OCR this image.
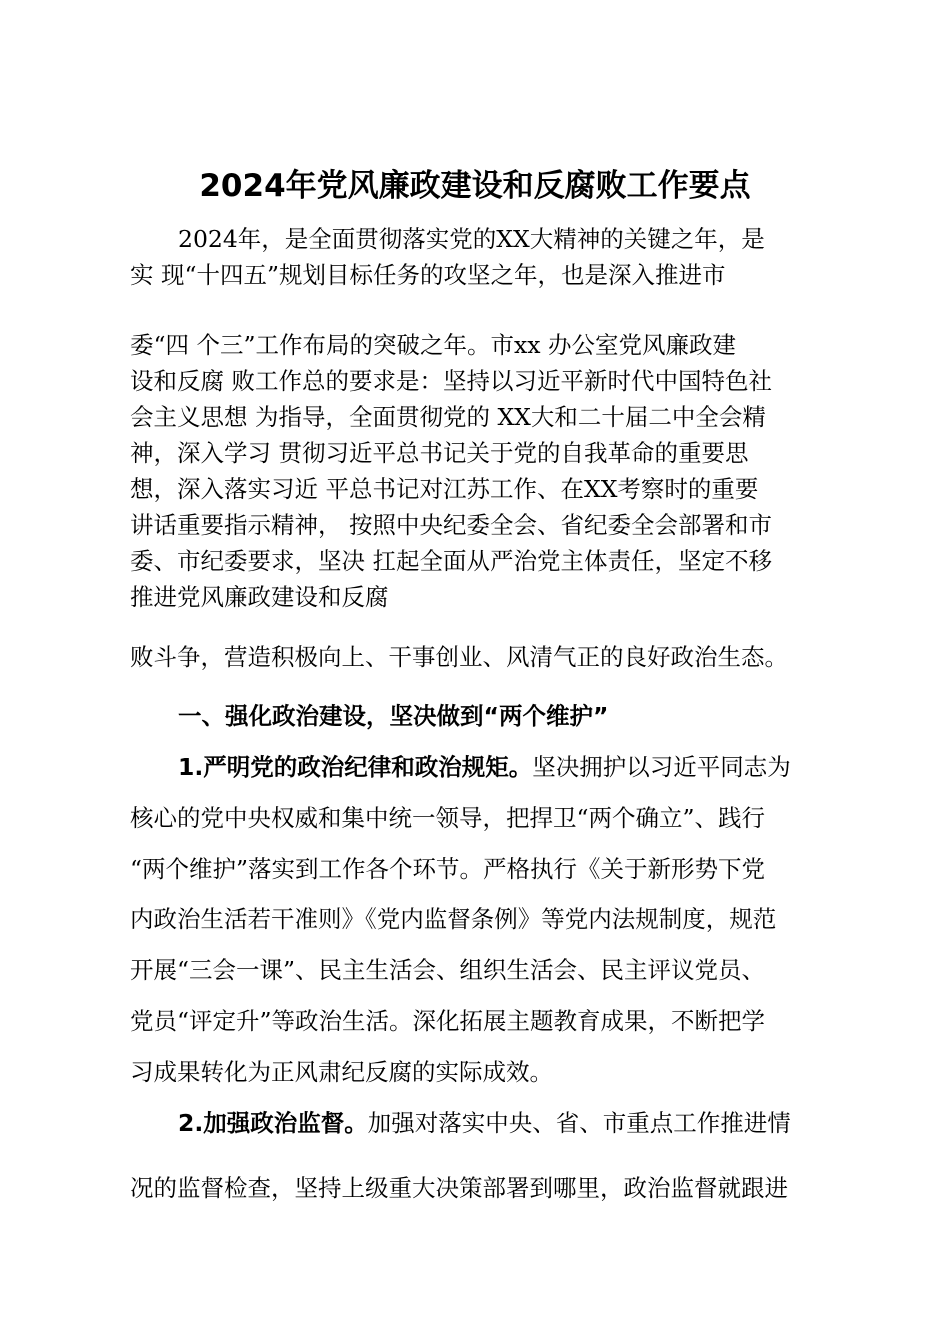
2024年党风廉政建设和反腐败工作要点

2024年，是全面贯彻落实党的XX大精神的关键之年，是

实 现“十四五”规划目标任务的攻坚之年，也是深入推进市

委“四 个三”工作布局的突破之年。市xx 办公室党风廉政建

设和反腐 败工作总的要求是：坚持以习近平新时代中国特色社

会主义思想 为指导，全面贯彻党的 XX大和二十届二中全会精

神，深入学习 贯彻习近平总书记关于党的自我革命的重要思

想，深入落实习近 平总书记对江苏工作、在XX考察时的重要

讲话重要指示精神， 按照中央纪委全会、省纪委全会部署和市

委、市纪委要求，坚决 扛起全面从严治党主体责任，坚定不移

推进党风廉政建设和反腐

败斗争，营造积极向上、干事创业、风清气正的良好政治生态。

一、强化政治建设，坚决做到“两个维护”

1.严明党的政治纪律和政治规矩。坚决拥护以习近平同志为

核心的党中央权威和集中统一领导，把捍卫“两个确立”、践行

“两个维护”落实到工作各个环节。严格执行《关于新形势下党

内政治生活若干准则》《党内监督条例》等党内法规制度，规范

开展“三会一课”、民主生活会、组织生活会、民主评议党员、

党员“评定升”等政治生活。深化拓展主题教育成果，不断把学

习成果转化为正风肃纪反腐的实际成效。

2.加强政治监督。加强对落实中央、省、市重点工作推进情

况的监督检查，坚持上级重大决策部署到哪里，政治监督就跟进
